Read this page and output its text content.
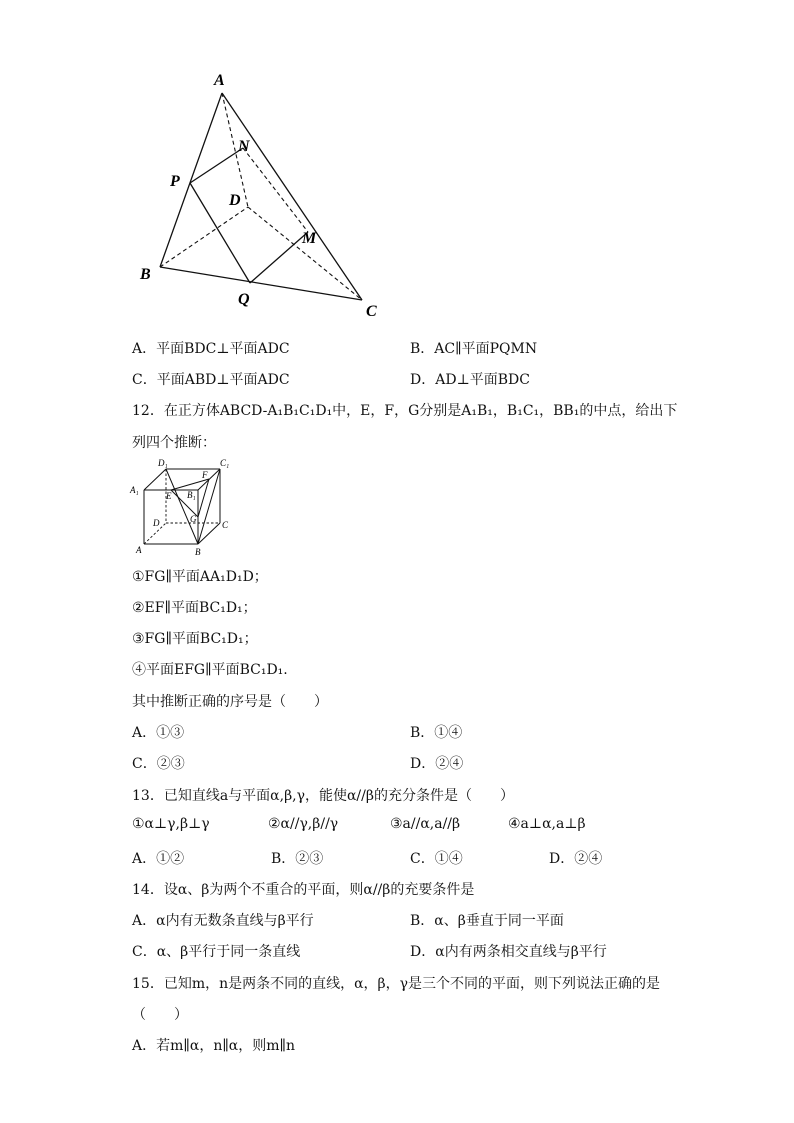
A
N
P
D
M
B
Q
C
A．平面BDC⊥平面ADC	B．AC∥平面PQMN
C．平面ABD⊥平面ADC	D．AD⊥平面BDC
12．在正方体ABCD-A₁B₁C₁D₁中，E，F，G分别是A₁B₁，B₁C₁，BB₁的中点，给出下
列四个推断：
D₁	C₁
F
A₁
E B₁
D	G
C
A	B
①FG∥平面AA₁D₁D；
②EF∥平面BC₁D₁；
③FG∥平面BC₁D₁；
④平面EFG∥平面BC₁D₁.
其中推断正确的序号是（　　）
A．①③	B．①④
C．②③	D．②④
13．已知直线a与平面α,β,γ，能使α//β的充分条件是（　　）
①α⊥γ,β⊥γ	②α//γ,β//γ	③a//α,a//β	④a⊥α,a⊥β
A．①②	B．②③	C．①④	D．②④
14．设α、β为两个不重合的平面，则α//β的充要条件是
A．α内有无数条直线与β平行	B．α、β垂直于同一平面
C．α、β平行于同一条直线	D．α内有两条相交直线与β平行
15．已知m，n是两条不同的直线，α，β，γ是三个不同的平面，则下列说法正确的是
（　　）
A．若m∥α，n∥α，则m∥n
